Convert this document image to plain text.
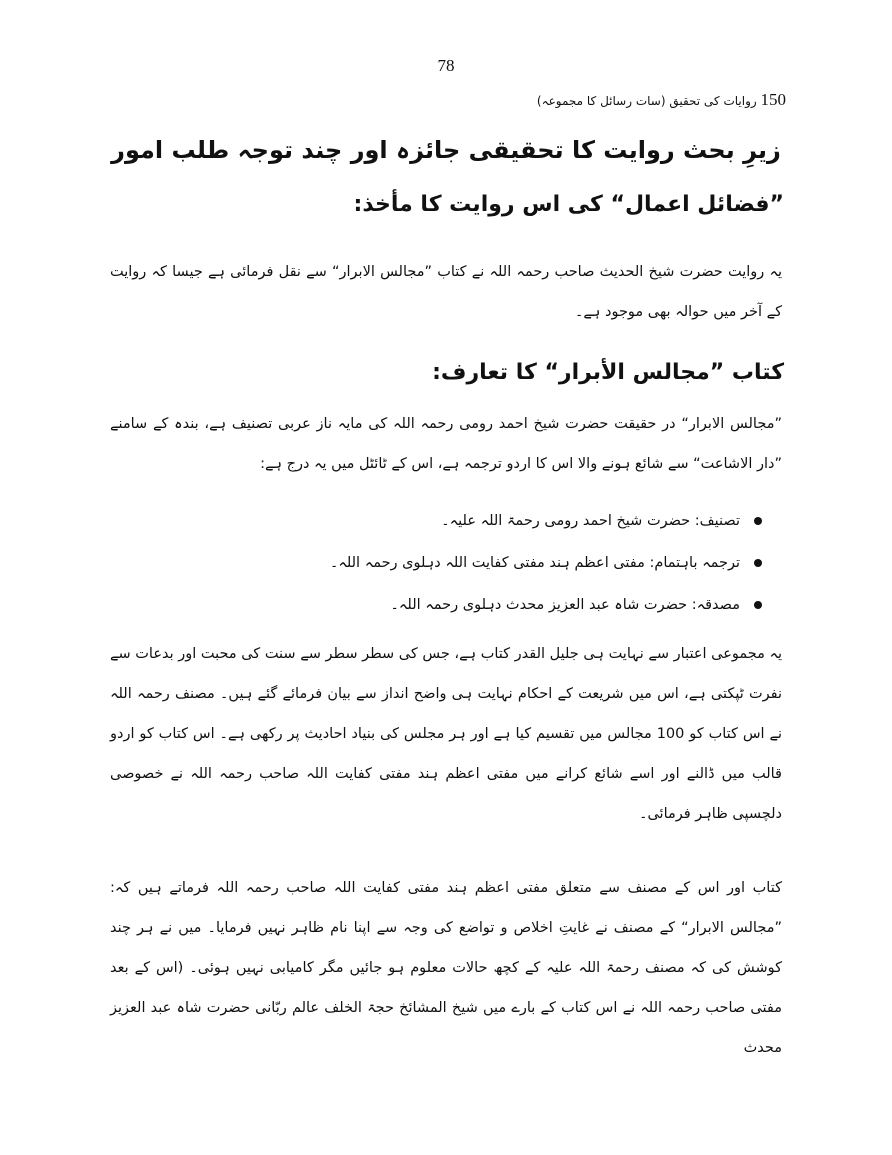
78
150 روایات کی تحقیق (سات رسائل کا مجموعہ)
زیرِ بحث روایت کا تحقیقی جائزہ اور چند توجہ طلب امور
”فضائل اعمال“ کی اس روایت کا مأخذ:
یہ روایت حضرت شیخ الحدیث صاحب رحمہ اللہ نے کتاب ”مجالس الابرار“ سے نقل فرمائی ہے جیسا کہ روایت کے آخر میں حوالہ بھی موجود ہے۔
کتاب ”مجالس الأبرار“ کا تعارف:
”مجالس الابرار“ در حقیقت حضرت شیخ احمد رومی رحمہ اللہ کی مایہ ناز عربی تصنیف ہے، بندہ کے سامنے ”دار الاشاعت“ سے شائع ہونے والا اس کا اردو ترجمہ ہے، اس کے ٹائٹل میں یہ درج ہے:
تصنیف: حضرت شیخ احمد رومی رحمۃ اللہ علیہ۔
ترجمہ باہتمام: مفتی اعظم ہند مفتی کفایت اللہ دہلوی رحمہ اللہ۔
مصدقہ: حضرت شاہ عبد العزیز محدث دہلوی رحمہ اللہ۔
یہ مجموعی اعتبار سے نہایت ہی جلیل القدر کتاب ہے، جس کی سطر سطر سے سنت کی محبت اور بدعات سے نفرت ٹپکتی ہے، اس میں شریعت کے احکام نہایت ہی واضح انداز سے بیان فرمائے گئے ہیں۔ مصنف رحمہ اللہ نے اس کتاب کو 100 مجالس میں تقسیم کیا ہے اور ہر مجلس کی بنیاد احادیث پر رکھی ہے۔ اس کتاب کو اردو قالب میں ڈالنے اور اسے شائع کرانے میں مفتی اعظم ہند مفتی کفایت اللہ صاحب رحمہ اللہ نے خصوصی دلچسپی ظاہر فرمائی۔
کتاب اور اس کے مصنف سے متعلق مفتی اعظم ہند مفتی کفایت اللہ صاحب رحمہ اللہ فرماتے ہیں کہ: ”مجالس الابرار“ کے مصنف نے غایتِ اخلاص و تواضع کی وجہ سے اپنا نام ظاہر نہیں فرمایا۔ میں نے ہر چند کوشش کی کہ مصنف رحمۃ اللہ علیہ کے کچھ حالات معلوم ہو جائیں مگر کامیابی نہیں ہوئی۔ (اس کے بعد مفتی صاحب رحمہ اللہ نے اس کتاب کے بارے میں شیخ المشائخ حجۃ الخلف عالم ربّانی حضرت شاہ عبد العزیز محدث
